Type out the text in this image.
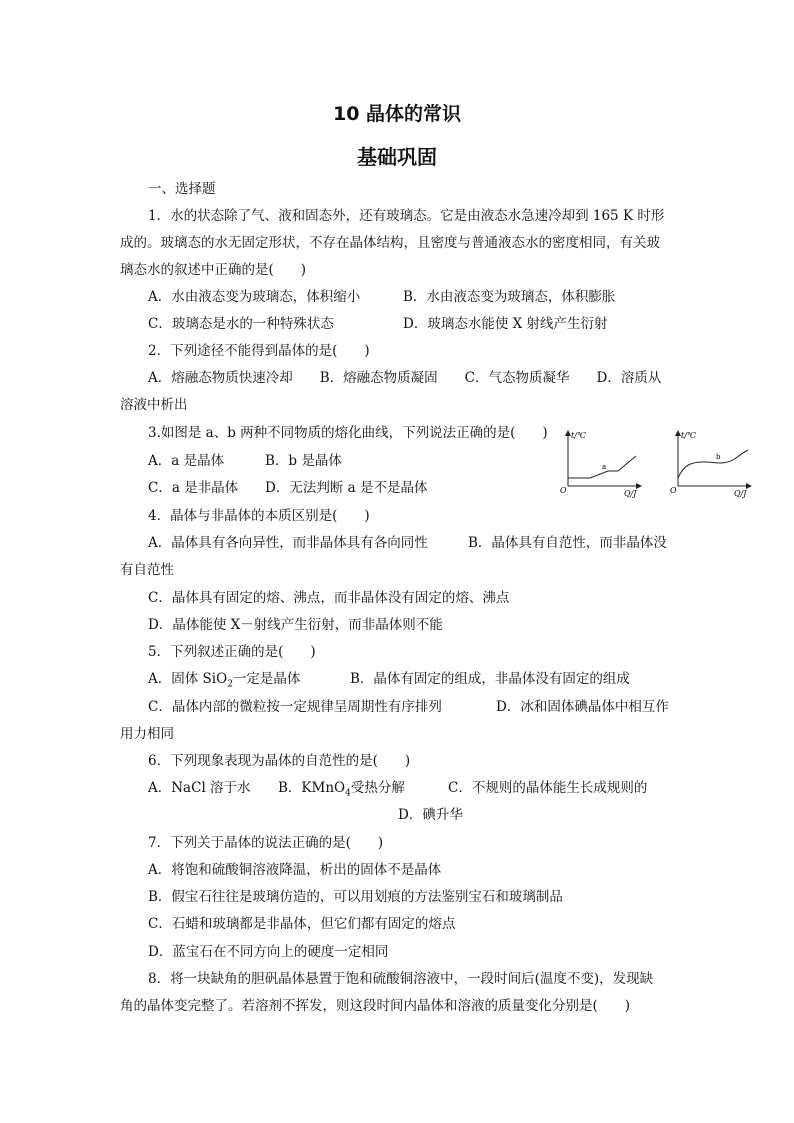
10 晶体的常识
基础巩固
一、选择题
1．水的状态除了气、液和固态外，还有玻璃态。它是由液态水急速冷却到 165 K 时形
成的。玻璃态的水无固定形状，不存在晶体结构，且密度与普通液态水的密度相同，有关玻
璃态水的叙述中正确的是(　　)
A．水由液态变为玻璃态，体积缩小	B．水由液态变为玻璃态，体积膨胀
C．玻璃态是水的一种特殊状态	D．玻璃态水能使 X 射线产生衍射
2．下列途径不能得到晶体的是(　　)
A．熔融态物质快速冷却　　B．熔融态物质凝固　　C．气态物质凝华　　D．溶质从
溶液中析出
3.如图是 a、b 两种不同物质的熔化曲线，下列说法正确的是(　　)
A．a 是晶体	B．b 是晶体
C．a 是非晶体 D．无法判断 a 是不是晶体
t/℃
O	Q/J
a
t/℃
O	Q/J
b
4．晶体与非晶体的本质区别是(　　)
A．晶体具有各向异性，而非晶体具有各向同性	B．晶体具有自范性，而非晶体没
有自范性
C．晶体具有固定的熔、沸点，而非晶体没有固定的熔、沸点
D．晶体能使 X－射线产生衍射，而非晶体则不能
5．下列叙述正确的是(　　)
A．固体 SiO$_2$一定是晶体	B．晶体有固定的组成，非晶体没有固定的组成
C．晶体内部的微粒按一定规律呈周期性有序排列	D．冰和固体碘晶体中相互作
用力相同
6．下列现象表现为晶体的自范性的是(　　)
A．NaCl 溶于水 B．KMnO$_4$受热分解	C．不规则的晶体能生长成规则的
D．碘升华
7．下列关于晶体的说法正确的是(　　)
A．将饱和硫酸铜溶液降温，析出的固体不是晶体
B．假宝石往往是玻璃仿造的，可以用划痕的方法鉴别宝石和玻璃制品
C．石蜡和玻璃都是非晶体，但它们都有固定的熔点
D．蓝宝石在不同方向上的硬度一定相同
8．将一块缺角的胆矾晶体悬置于饱和硫酸铜溶液中，一段时间后(温度不变)，发现缺
角的晶体变完整了。若溶剂不挥发，则这段时间内晶体和溶液的质量变化分别是(　　)
